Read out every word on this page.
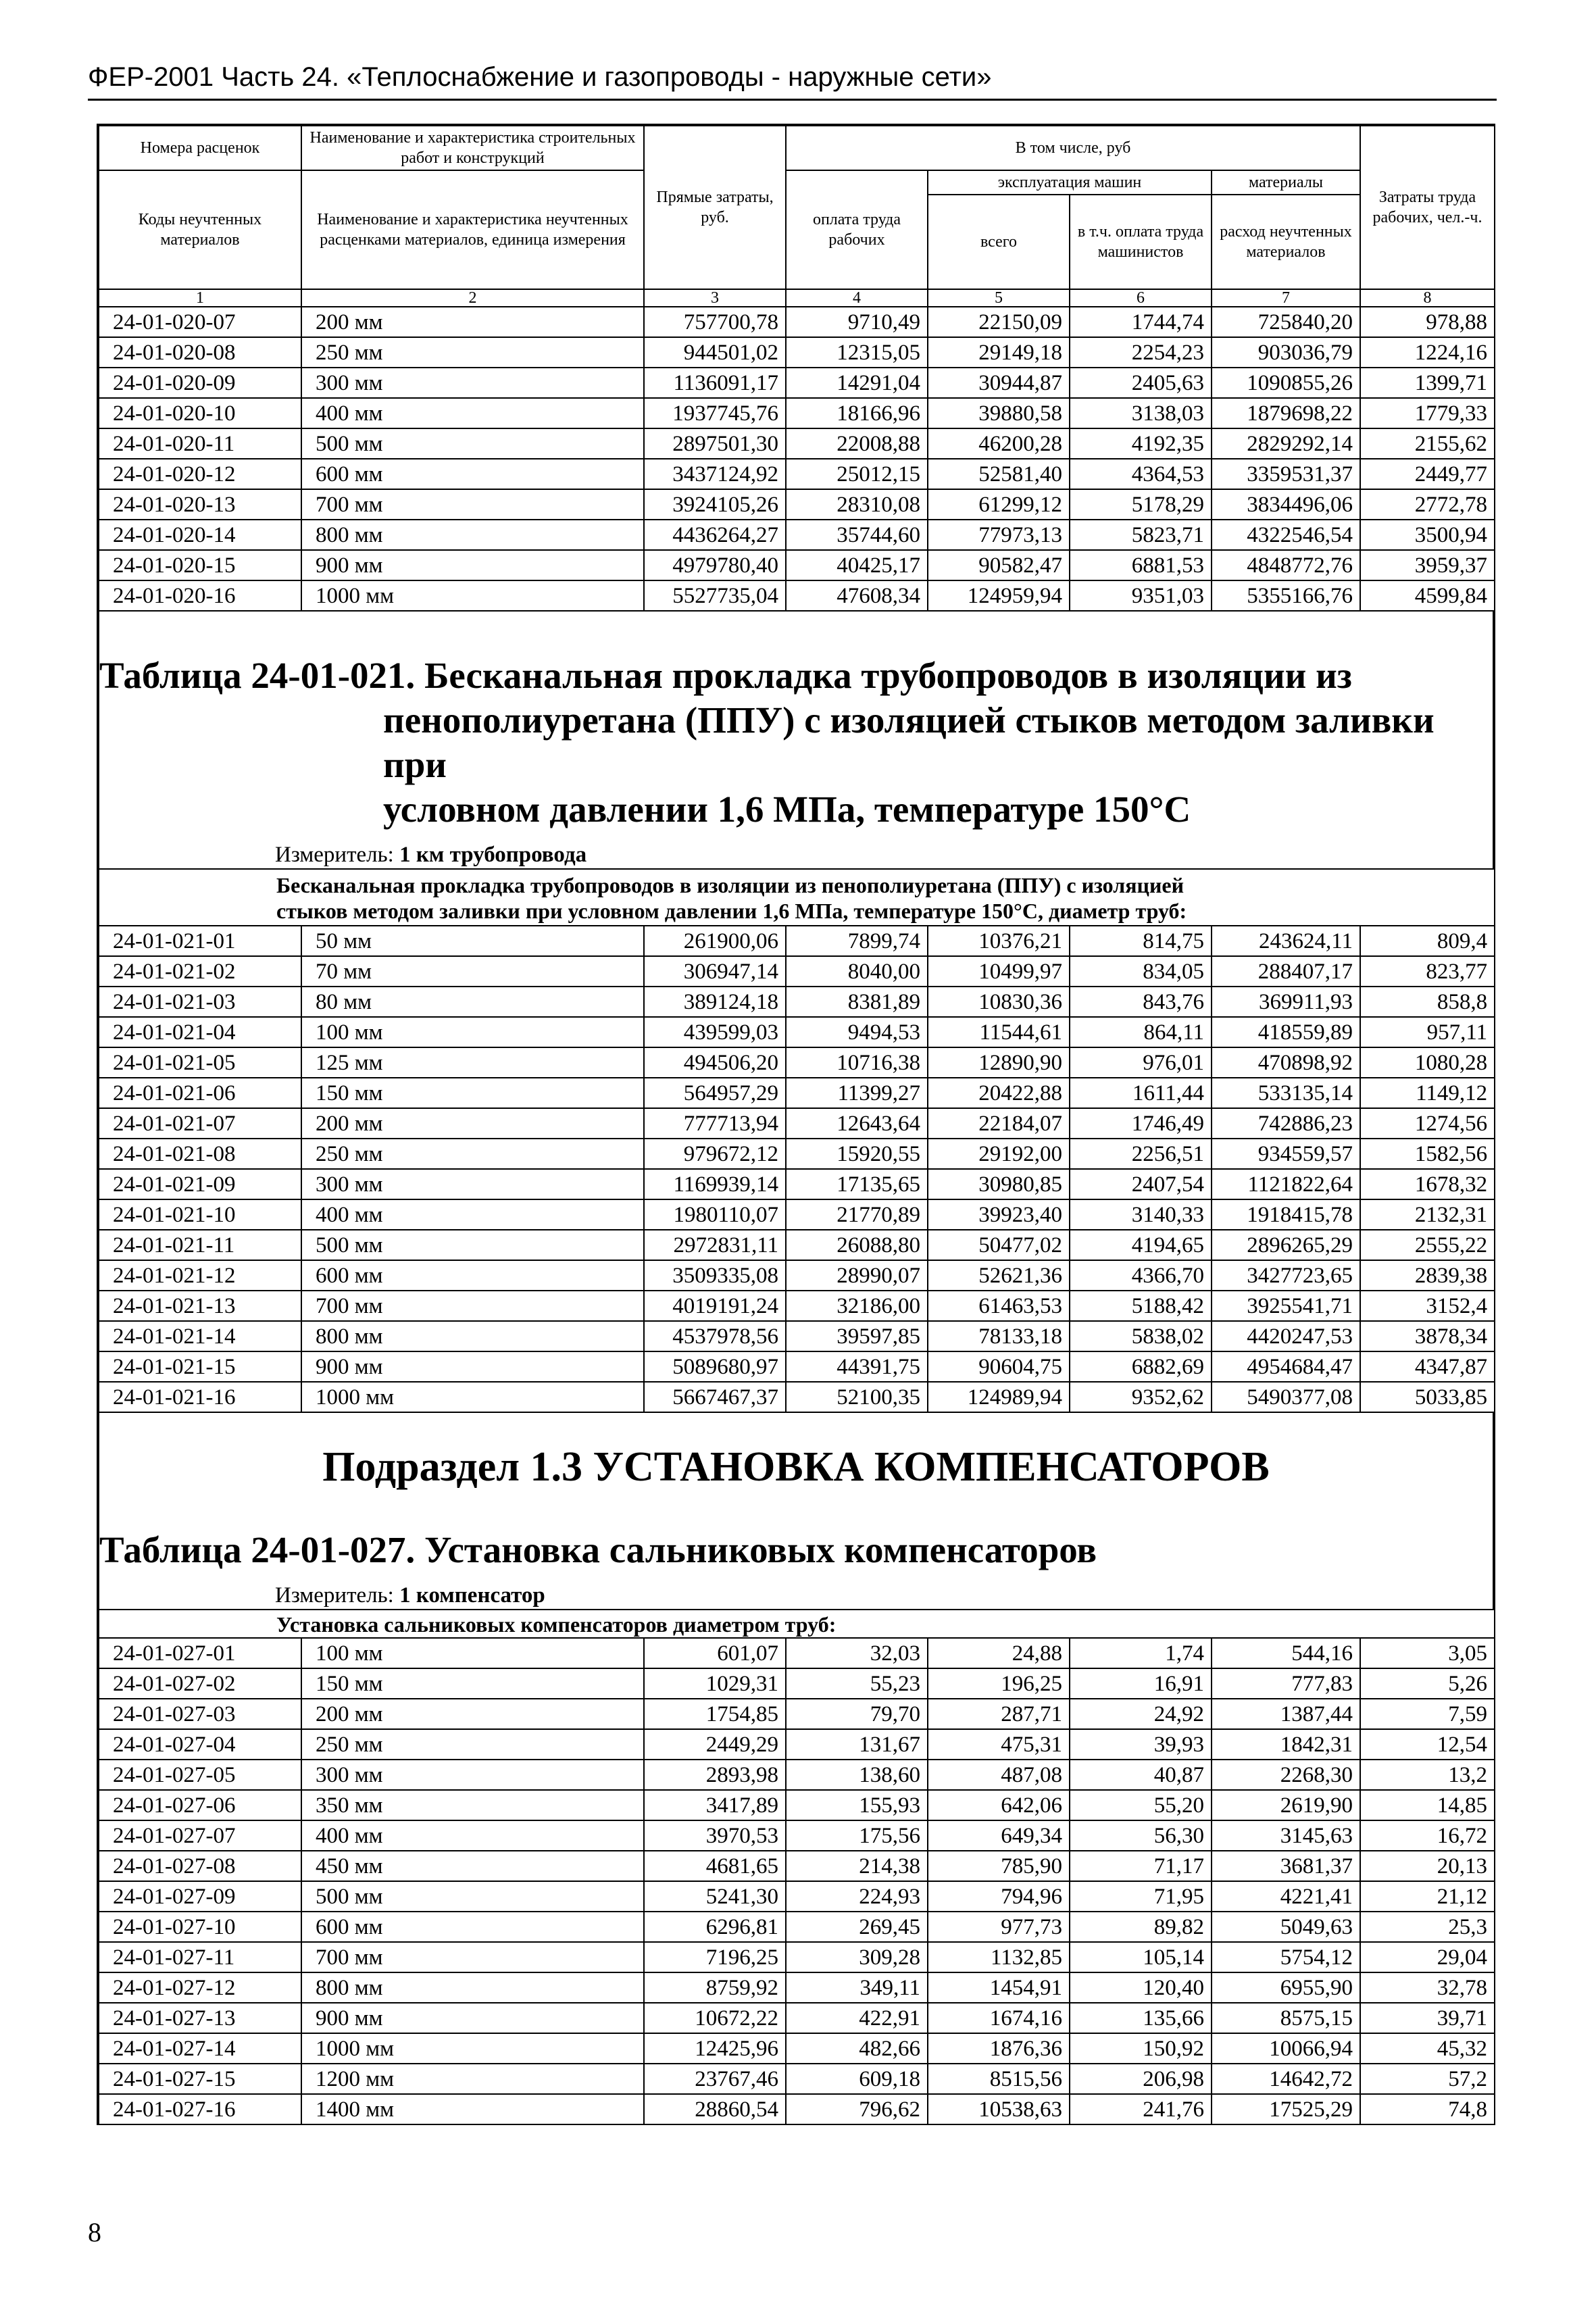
ФЕР-2001 Часть 24. «Теплоснабжение и газопроводы - наружные сети»
Номера расценок	Наименование и характеристика строительных работ и конструкций	Прямые затраты, руб.	В том числе, руб				Затраты труда рабочих, чел.-ч.
Коды неучтенных материалов	Наименование и характеристика неучтенных расценками материалов, единица измерения		оплата труда рабочих	эксплуатация машин		материалы	
				всего	в т.ч. оплата труда машинистов	расход неучтенных материалов	
1	2	3	4	5	6	7	8
24-01-020-07	200 мм	757700,78	9710,49	22150,09	1744,74	725840,20	978,88
24-01-020-08	250 мм	944501,02	12315,05	29149,18	2254,23	903036,79	1224,16
24-01-020-09	300 мм	1136091,17	14291,04	30944,87	2405,63	1090855,26	1399,71
24-01-020-10	400 мм	1937745,76	18166,96	39880,58	3138,03	1879698,22	1779,33
24-01-020-11	500 мм	2897501,30	22008,88	46200,28	4192,35	2829292,14	2155,62
24-01-020-12	600 мм	3437124,92	25012,15	52581,40	4364,53	3359531,37	2449,77
24-01-020-13	700 мм	3924105,26	28310,08	61299,12	5178,29	3834496,06	2772,78
24-01-020-14	800 мм	4436264,27	35744,60	77973,13	5823,71	4322546,54	3500,94
24-01-020-15	900 мм	4979780,40	40425,17	90582,47	6881,53	4848772,76	3959,37
24-01-020-16	1000 мм	5527735,04	47608,34	124959,94	9351,03	5355166,76	4599,84
Таблица 24-01-021. Бесканальная прокладка трубопроводов в изоляции из
пенополиуретана (ППУ) с изоляцией стыков методом заливки при
условном давлении 1,6 МПа, температуре 150°С
Измеритель: 1 км трубопровода
Бесканальная прокладка трубопроводов в изоляции из пенополиуретана (ППУ) с изоляцией стыков методом заливки при условном давлении 1,6 МПа, температуре 150°С, диаметр труб:							
24-01-021-01	50 мм	261900,06	7899,74	10376,21	814,75	243624,11	809,4
24-01-021-02	70 мм	306947,14	8040,00	10499,97	834,05	288407,17	823,77
24-01-021-03	80 мм	389124,18	8381,89	10830,36	843,76	369911,93	858,8
24-01-021-04	100 мм	439599,03	9494,53	11544,61	864,11	418559,89	957,11
24-01-021-05	125 мм	494506,20	10716,38	12890,90	976,01	470898,92	1080,28
24-01-021-06	150 мм	564957,29	11399,27	20422,88	1611,44	533135,14	1149,12
24-01-021-07	200 мм	777713,94	12643,64	22184,07	1746,49	742886,23	1274,56
24-01-021-08	250 мм	979672,12	15920,55	29192,00	2256,51	934559,57	1582,56
24-01-021-09	300 мм	1169939,14	17135,65	30980,85	2407,54	1121822,64	1678,32
24-01-021-10	400 мм	1980110,07	21770,89	39923,40	3140,33	1918415,78	2132,31
24-01-021-11	500 мм	2972831,11	26088,80	50477,02	4194,65	2896265,29	2555,22
24-01-021-12	600 мм	3509335,08	28990,07	52621,36	4366,70	3427723,65	2839,38
24-01-021-13	700 мм	4019191,24	32186,00	61463,53	5188,42	3925541,71	3152,4
24-01-021-14	800 мм	4537978,56	39597,85	78133,18	5838,02	4420247,53	3878,34
24-01-021-15	900 мм	5089680,97	44391,75	90604,75	6882,69	4954684,47	4347,87
24-01-021-16	1000 мм	5667467,37	52100,35	124989,94	9352,62	5490377,08	5033,85
Подраздел 1.3 УСТАНОВКА КОМПЕНСАТОРОВ
Таблица 24-01-027. Установка сальниковых компенсаторов
Измеритель: 1 компенсатор
Установка сальниковых компенсаторов диаметром труб:							
24-01-027-01	100 мм	601,07	32,03	24,88	1,74	544,16	3,05
24-01-027-02	150 мм	1029,31	55,23	196,25	16,91	777,83	5,26
24-01-027-03	200 мм	1754,85	79,70	287,71	24,92	1387,44	7,59
24-01-027-04	250 мм	2449,29	131,67	475,31	39,93	1842,31	12,54
24-01-027-05	300 мм	2893,98	138,60	487,08	40,87	2268,30	13,2
24-01-027-06	350 мм	3417,89	155,93	642,06	55,20	2619,90	14,85
24-01-027-07	400 мм	3970,53	175,56	649,34	56,30	3145,63	16,72
24-01-027-08	450 мм	4681,65	214,38	785,90	71,17	3681,37	20,13
24-01-027-09	500 мм	5241,30	224,93	794,96	71,95	4221,41	21,12
24-01-027-10	600 мм	6296,81	269,45	977,73	89,82	5049,63	25,3
24-01-027-11	700 мм	7196,25	309,28	1132,85	105,14	5754,12	29,04
24-01-027-12	800 мм	8759,92	349,11	1454,91	120,40	6955,90	32,78
24-01-027-13	900 мм	10672,22	422,91	1674,16	135,66	8575,15	39,71
24-01-027-14	1000 мм	12425,96	482,66	1876,36	150,92	10066,94	45,32
24-01-027-15	1200 мм	23767,46	609,18	8515,56	206,98	14642,72	57,2
24-01-027-16	1400 мм	28860,54	796,62	10538,63	241,76	17525,29	74,8
8
